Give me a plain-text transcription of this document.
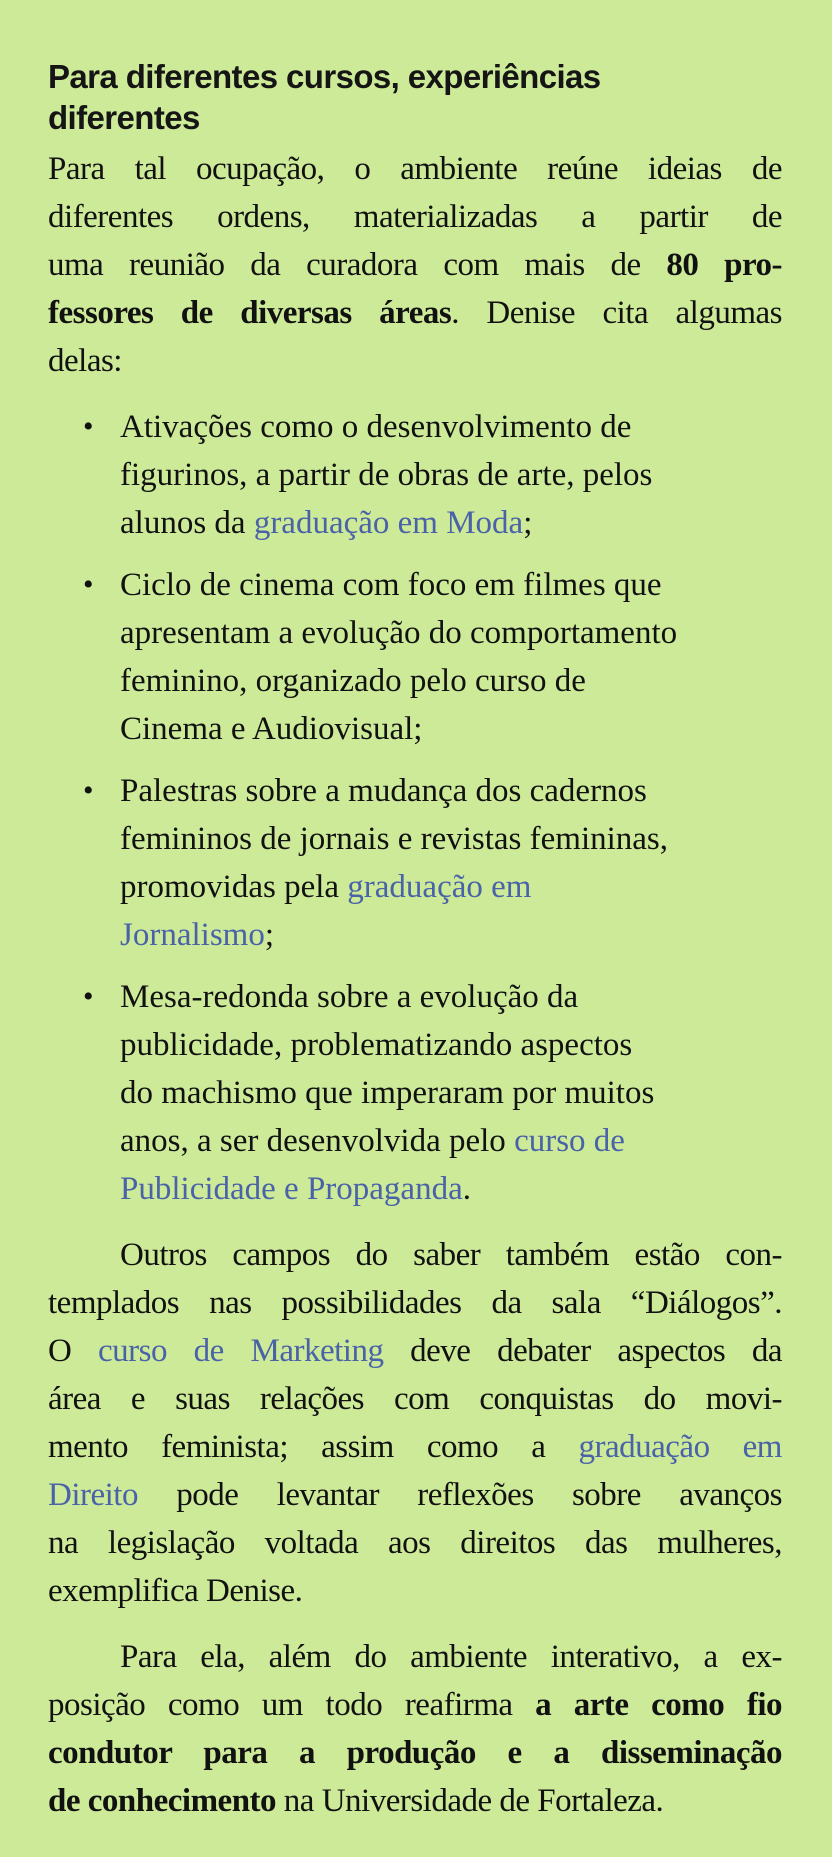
Para diferentes cursos, experiências
diferentes
Para tal ocupação, o ambiente reúne ideias de
diferentes ordens, materializadas a partir de
uma reunião da curadora com mais de 80 pro-
fessores de diversas áreas. Denise cita algumas
delas:
• Ativações como o desenvolvimento de
figurinos, a partir de obras de arte, pelos
alunos da graduação em Moda;
• Ciclo de cinema com foco em filmes que
apresentam a evolução do comportamento
feminino, organizado pelo curso de
Cinema e Audiovisual;
• Palestras sobre a mudança dos cadernos
femininos de jornais e revistas femininas,
promovidas pela graduação em
Jornalismo;
• Mesa-redonda sobre a evolução da
publicidade, problematizando aspectos
do machismo que imperaram por muitos
anos, a ser desenvolvida pelo curso de
Publicidade e Propaganda.
Outros campos do saber também estão con-
templados nas possibilidades da sala “Diálogos”.
O curso de Marketing deve debater aspectos da
área e suas relações com conquistas do movi-
mento feminista; assim como a graduação em
Direito pode levantar reflexões sobre avanços
na legislação voltada aos direitos das mulheres,
exemplifica Denise.
Para ela, além do ambiente interativo, a ex-
posição como um todo reafirma a arte como fio
condutor para a produção e a disseminação
de conhecimento na Universidade de Fortaleza.
